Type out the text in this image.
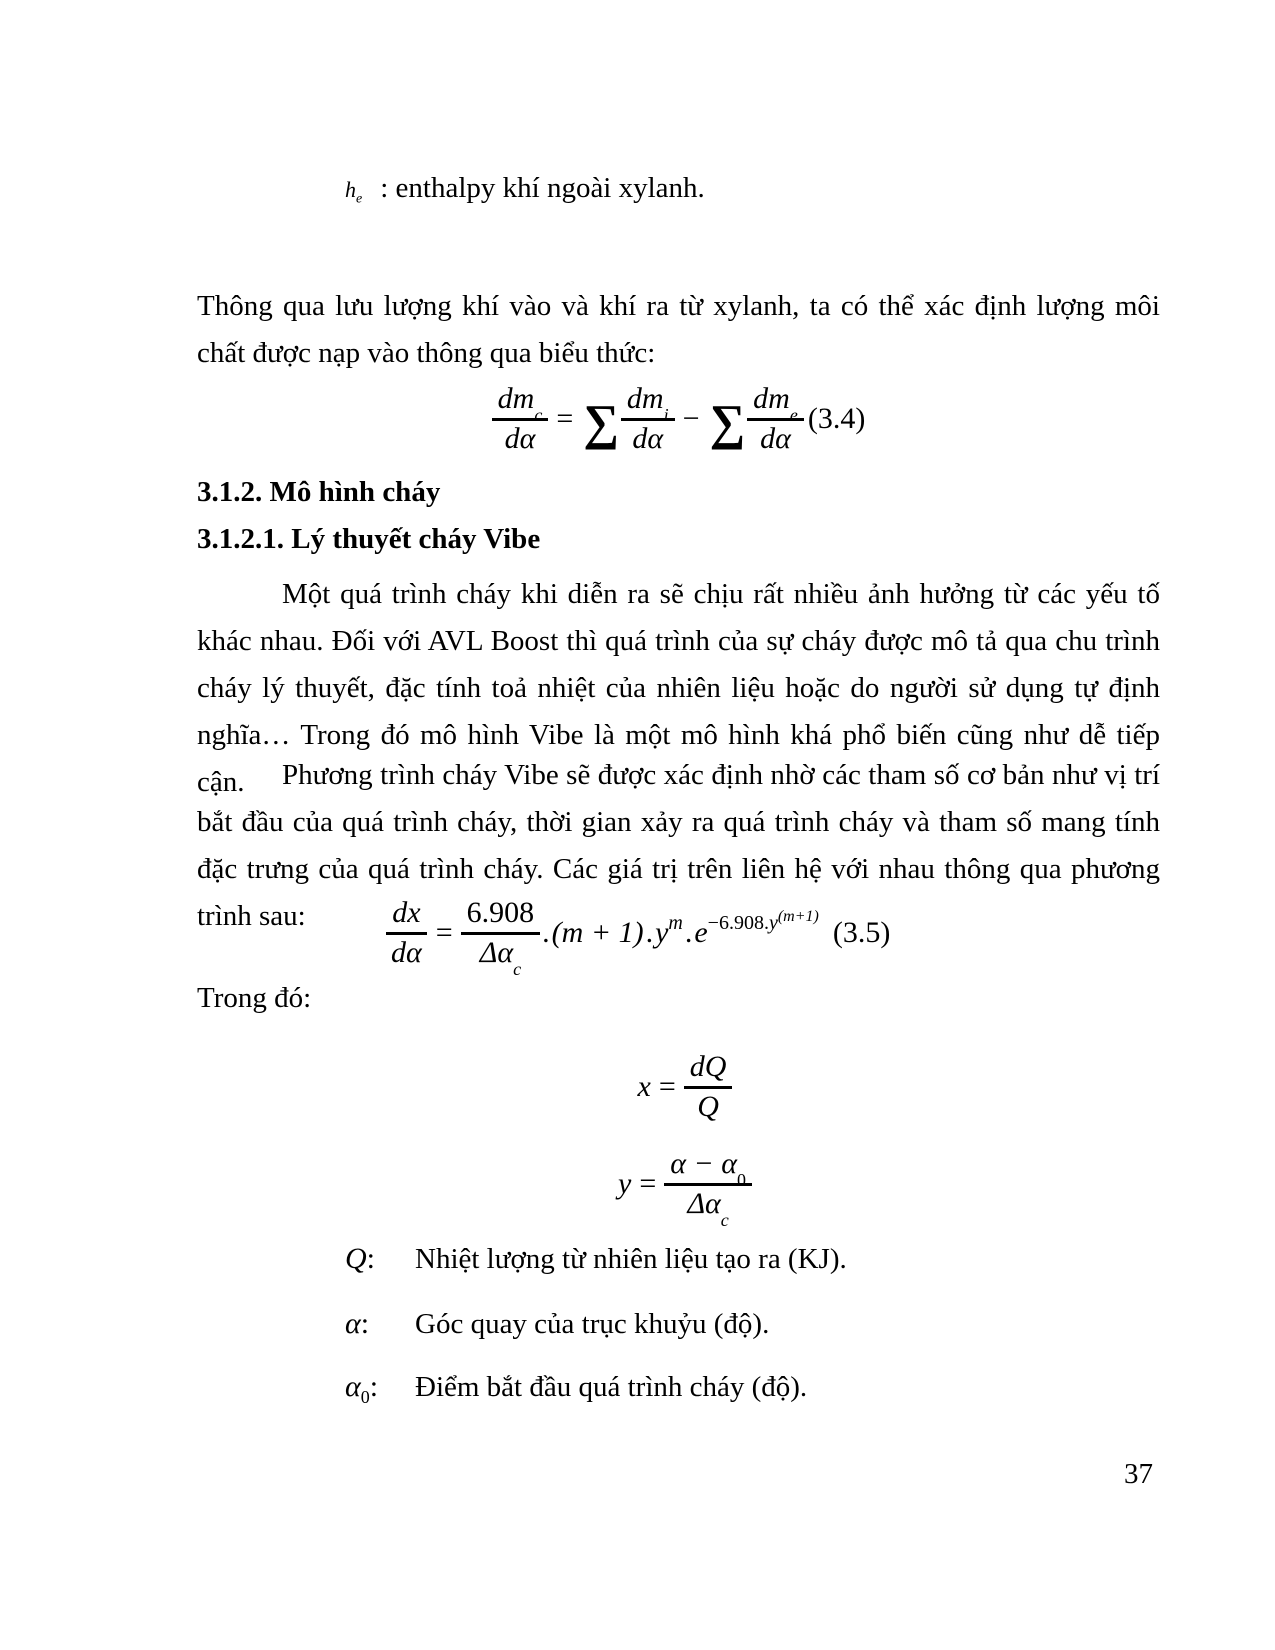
$h_e$ : enthalpy khí ngoài xylanh.

Thông qua lưu lượng khí vào và khí ra từ xylanh, ta có thể xác định lượng môi chất được nạp vào thông qua biểu thức:

$\frac{dm_c}{d\alpha}$ = ∑ $\frac{dm_i}{d\alpha}$ − ∑ $\frac{dm_e}{d\alpha} (3.4)$
3.1.2. Mô hình cháy
3.1.2.1. Lý thuyết cháy Vibe

Một quá trình cháy khi diễn ra sẽ chịu rất nhiều ảnh hưởng từ các yếu tố khác nhau. Đối với AVL Boost thì quá trình của sự cháy được mô tả qua chu trình cháy lý thuyết, đặc tính toả nhiệt của nhiên liệu hoặc do người sử dụng tự định nghĩa… Trong đó mô hình Vibe là một mô hình khá phổ biến cũng như dễ tiếp cận.	Phương trình cháy Vibe sẽ được xác định nhờ các tham số cơ bản như vị trí bắt đầu của quá trình cháy, thời gian xảy ra quá trình cháy và tham số mang tính đặc trưng của quá trình cháy. Các giá trị trên liên hệ với nhau thông qua phương trình sau:	$\frac{dx}{d\alpha} = \frac{6.908}{\Delta\alpha_c}$ . (m + 1) . $y^m$ . $e^{-6.908.y^{(m+1)}}$ (3.5)
Trong đó:
$x = \frac{dQ}{Q}$
$y = \frac{\alpha - \alpha_0}{\Delta\alpha_c}$
Q:	Nhiệt lượng từ nhiên liệu tạo ra (KJ).
α:	Góc quay của trục khuỷu (độ).
$\alpha_0$:	Điểm bắt đầu quá trình cháy (độ).
37
